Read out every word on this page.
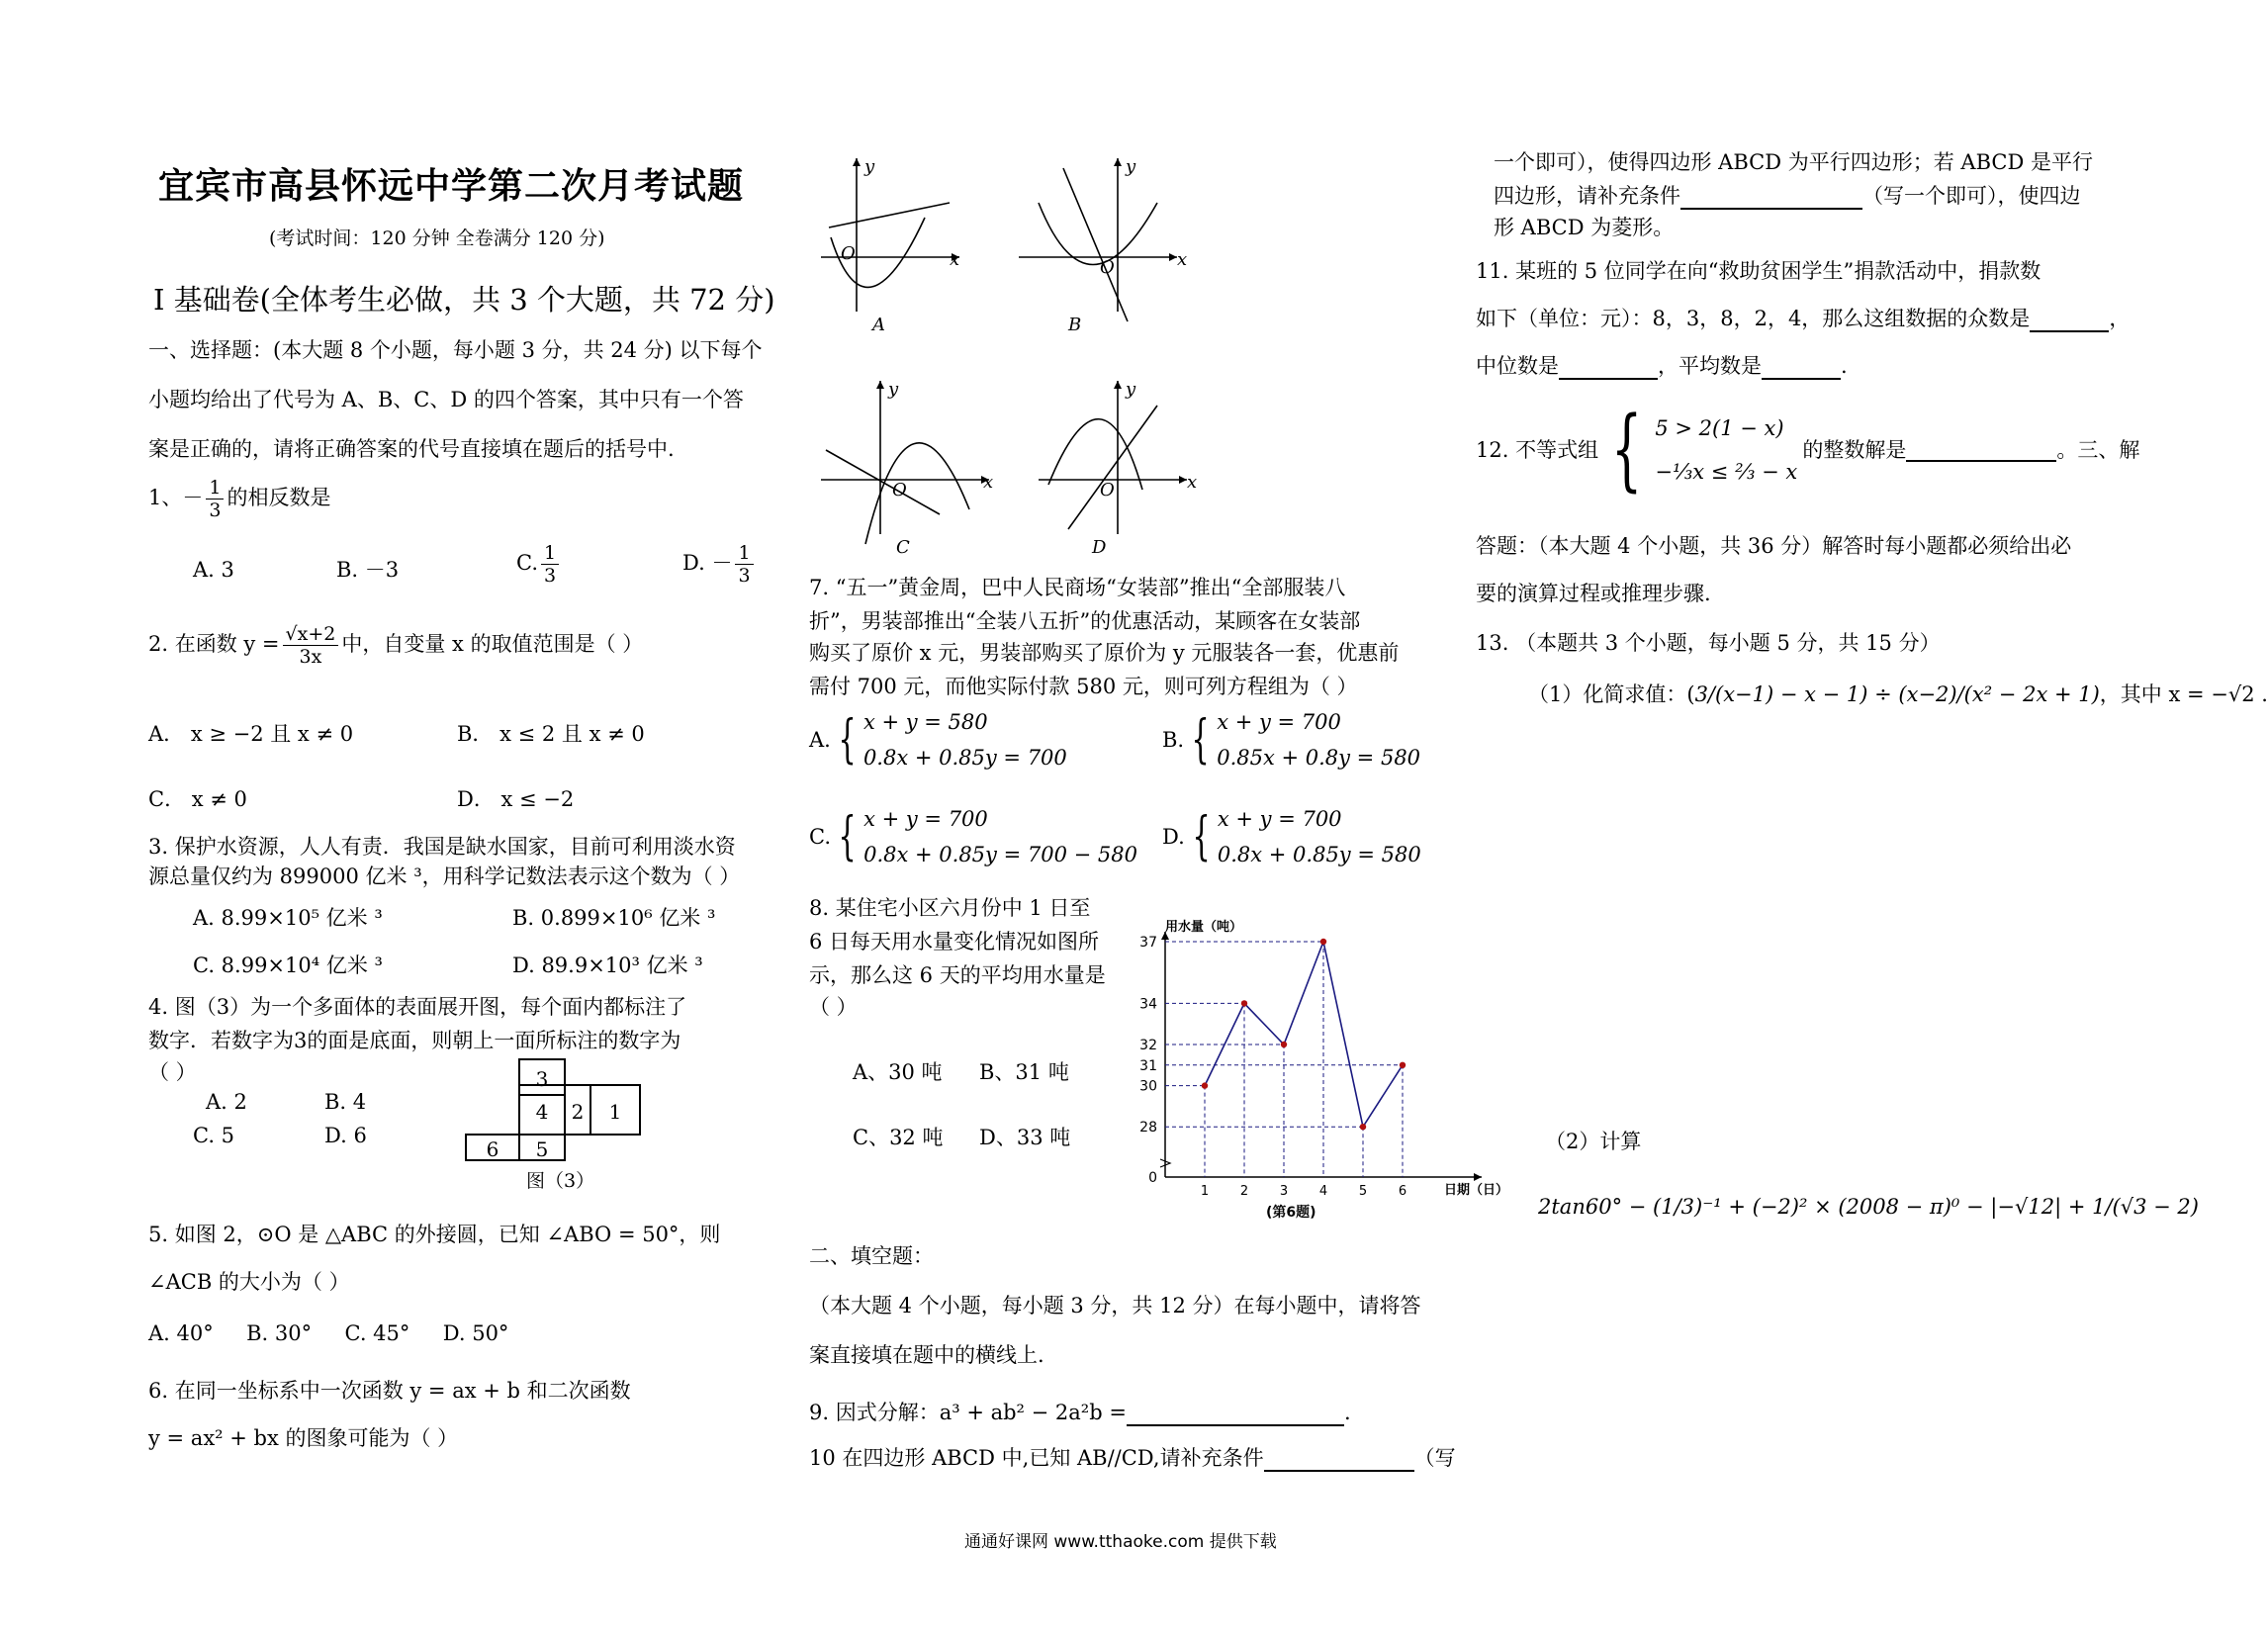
宜宾市高县怀远中学第二次月考试题
(考试时间：120 分钟 全卷满分 120 分)
Ⅰ 基础卷(全体考生必做，共 3 个大题，共 72 分)
一、选择题：(本大题 8 个小题，每小题 3 分，共 24 分) 以下每个
小题均给出了代号为 A、B、C、D 的四个答案，其中只有一个答
案是正确的，请将正确答案的代号直接填在题后的括号中.
1、－ $\frac{1}{3}$ 的相反数是
A. 3	B. －3	C. $\frac{1}{3}$	D. － $\frac{1}{3}$
2. 在函数 $y = \frac{√x+2}{3x}$ 中，自变量 x 的取值范围是（ ）
A． x ≥ −2 且 x ≠ 0	B． x ≤ 2 且 x ≠ 0
C． x ≠ 0	D． x ≤ −2
3. 保护水资源，人人有责．我国是缺水国家，目前可利用淡水资
源总量仅约为 899000 亿米 ³，用科学记数法表示这个数为（ ）
A. 8.99×10⁵ 亿米 ³	B. 0.899×10⁶ 亿米 ³
C. 8.99×10⁴ 亿米 ³	D. 89.9×10³ 亿米 ³
4. 图（3）为一个多面体的表面展开图，每个面内都标注了
数字．若数字为3的面是底面，则朝上一面所标注的数字为
（ ）
A. 2	B. 4
C. 5	D. 6
3
4	2	1
6	5
图（3）
5. 如图 2，⊙O 是 △ABC 的外接圆，已知 ∠ABO = 50°，则
∠ACB 的大小为（ ）
A. 40°     B. 30°     C. 45°     D. 50°
6. 在同一坐标系中一次函数 y = ax + b 和二次函数
y = ax² + bx 的图象可能为（ ）
y
x
O
A
y
x
O
B
y
x
O
C
y
x
O
D
7. “五一”黄金周，巴中人民商场“女装部”推出“全部服装八
折”，男装部推出“全装八五折”的优惠活动，某顾客在女装部
购买了原价 x 元，男装部购买了原价为 y 元服装各一套，优惠前
需付 700 元，而他实际付款 580 元，则可列方程组为（ ）
A. { x + y = 580
0.8x + 0.85y = 700
B. { x + y = 700
0.85x + 0.8y = 580
C. { x + y = 700
0.8x + 0.85y = 700 − 580
D. { x + y = 700
0.8x + 0.85y = 580
8. 某住宅小区六月份中 1 日至
6 日每天用水量变化情况如图所
示，那么这 6 天的平均用水量是
（ ）
A、30 吨 B、31 吨
C、32 吨 D、33 吨
0
28
30
31
32
34
37
1 2 3 4 5 6
用水量（吨）
日期（日）
(第6题)
二、填空题：
（本大题 4 个小题，每小题 3 分，共 12 分）在每小题中，请将答
案直接填在题中的横线上.
9. 因式分解：a³ + ab² − 2a²b =	.
10 在四边形 ABCD 中,已知 AB//CD,请补充条件	（写
一个即可），使得四边形 ABCD 为平行四边形；若 ABCD 是平行
四边形，请补充条件	（写一个即可），使四边
形 ABCD 为菱形。
11. 某班的 5 位同学在向“救助贫困学生”捐款活动中，捐款数
如下（单位：元）：8，3，8，2，4，那么这组数据的众数是	，
中位数是	，平均数是	.
12. 不等式组 { 5 > 2(1 − x)
−⅓x ≤ ⅔ − x
的整数解是	。三、解
答题：（本大题 4 个小题，共 36 分）解答时每小题都必须给出必
要的演算过程或推理步骤.
13. （本题共 3 个小题，每小题 5 分，共 15 分）
（1）化简求值：(3/(x−1) − x − 1) ÷ (x−2)/(x² − 2x + 1)，其中 x = −√2 .
（2）计算
2tan60° − (1/3)⁻¹ + (−2)² × (2008 − π)⁰ − |−√12| + 1/(√3 − 2)
通通好课网 www.tthaoke.com 提供下载
